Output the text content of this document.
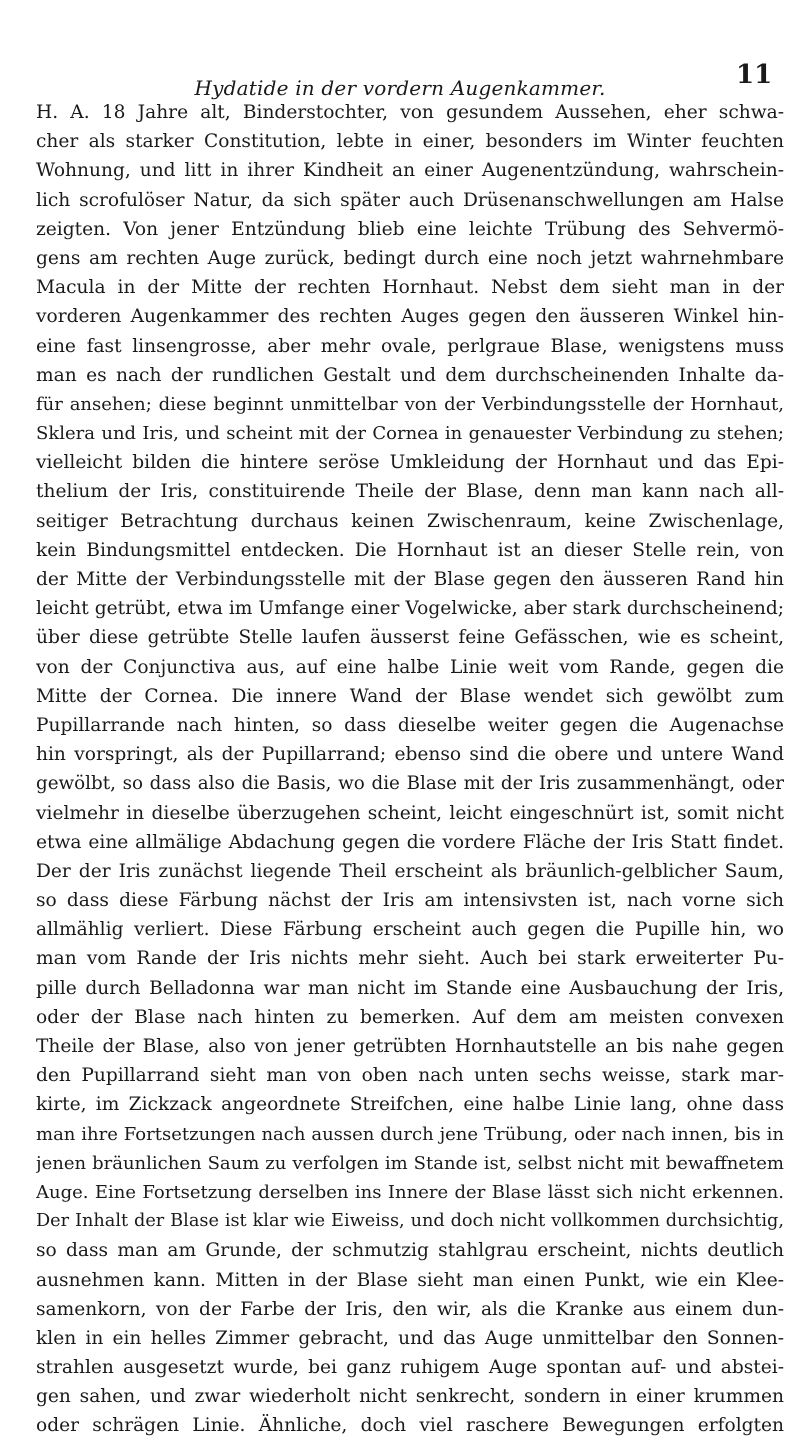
11
Hydatide in der vordern Augenkammer.
H. A. 18 Jahre alt, Binderstochter, von gesundem Aussehen, eher schwa-
cher als starker Constitution, lebte in einer, besonders im Winter feuchten
Wohnung, und litt in ihrer Kindheit an einer Augenentzündung, wahrschein-
lich scrofulöser Natur, da sich später auch Drüsenanschwellungen am Halse
zeigten. Von jener Entzündung blieb eine leichte Trübung des Sehvermö-
gens am rechten Auge zurück, bedingt durch eine noch jetzt wahrnehmbare
Macula in der Mitte der rechten Hornhaut. Nebst dem sieht man in der
vorderen Augenkammer des rechten Auges gegen den äusseren Winkel hin-
eine fast linsengrosse, aber mehr ovale, perlgraue Blase, wenigstens muss
man es nach der rundlichen Gestalt und dem durchscheinenden Inhalte da-
für ansehen; diese beginnt unmittelbar von der Verbindungsstelle der Hornhaut,
Sklera und Iris, und scheint mit der Cornea in genauester Verbindung zu stehen;
vielleicht bilden die hintere seröse Umkleidung der Hornhaut und das Epi-
thelium der Iris, constituirende Theile der Blase, denn man kann nach all-
seitiger Betrachtung durchaus keinen Zwischenraum, keine Zwischenlage,
kein Bindungsmittel entdecken. Die Hornhaut ist an dieser Stelle rein, von
der Mitte der Verbindungsstelle mit der Blase gegen den äusseren Rand hin
leicht getrübt, etwa im Umfange einer Vogelwicke, aber stark durchscheinend;
über diese getrübte Stelle laufen äusserst feine Gefässchen, wie es scheint,
von der Conjunctiva aus, auf eine halbe Linie weit vom Rande, gegen die
Mitte der Cornea. Die innere Wand der Blase wendet sich gewölbt zum
Pupillarrande nach hinten, so dass dieselbe weiter gegen die Augenachse
hin vorspringt, als der Pupillarrand; ebenso sind die obere und untere Wand
gewölbt, so dass also die Basis, wo die Blase mit der Iris zusammenhängt, oder
vielmehr in dieselbe überzugehen scheint, leicht eingeschnürt ist, somit nicht
etwa eine allmälige Abdachung gegen die vordere Fläche der Iris Statt findet.
Der der Iris zunächst liegende Theil erscheint als bräunlich-gelblicher Saum,
so dass diese Färbung nächst der Iris am intensivsten ist, nach vorne sich
allmählig verliert. Diese Färbung erscheint auch gegen die Pupille hin, wo
man vom Rande der Iris nichts mehr sieht. Auch bei stark erweiterter Pu-
pille durch Belladonna war man nicht im Stande eine Ausbauchung der Iris,
oder der Blase nach hinten zu bemerken. Auf dem am meisten convexen
Theile der Blase, also von jener getrübten Hornhautstelle an bis nahe gegen
den Pupillarrand sieht man von oben nach unten sechs weisse, stark mar-
kirte, im Zickzack angeordnete Streifchen, eine halbe Linie lang, ohne dass
man ihre Fortsetzungen nach aussen durch jene Trübung, oder nach innen, bis in
jenen bräunlichen Saum zu verfolgen im Stande ist, selbst nicht mit bewaffnetem
Auge. Eine Fortsetzung derselben ins Innere der Blase lässt sich nicht erkennen.
Der Inhalt der Blase ist klar wie Eiweiss, und doch nicht vollkommen durchsichtig,
so dass man am Grunde, der schmutzig stahlgrau erscheint, nichts deutlich
ausnehmen kann. Mitten in der Blase sieht man einen Punkt, wie ein Klee-
samenkorn, von der Farbe der Iris, den wir, als die Kranke aus einem dun-
klen in ein helles Zimmer gebracht, und das Auge unmittelbar den Sonnen-
strahlen ausgesetzt wurde, bei ganz ruhigem Auge spontan auf- und abstei-
gen sahen, und zwar wiederholt nicht senkrecht, sondern in einer krummen
oder schrägen Linie. Ähnliche, doch viel raschere Bewegungen erfolgten
